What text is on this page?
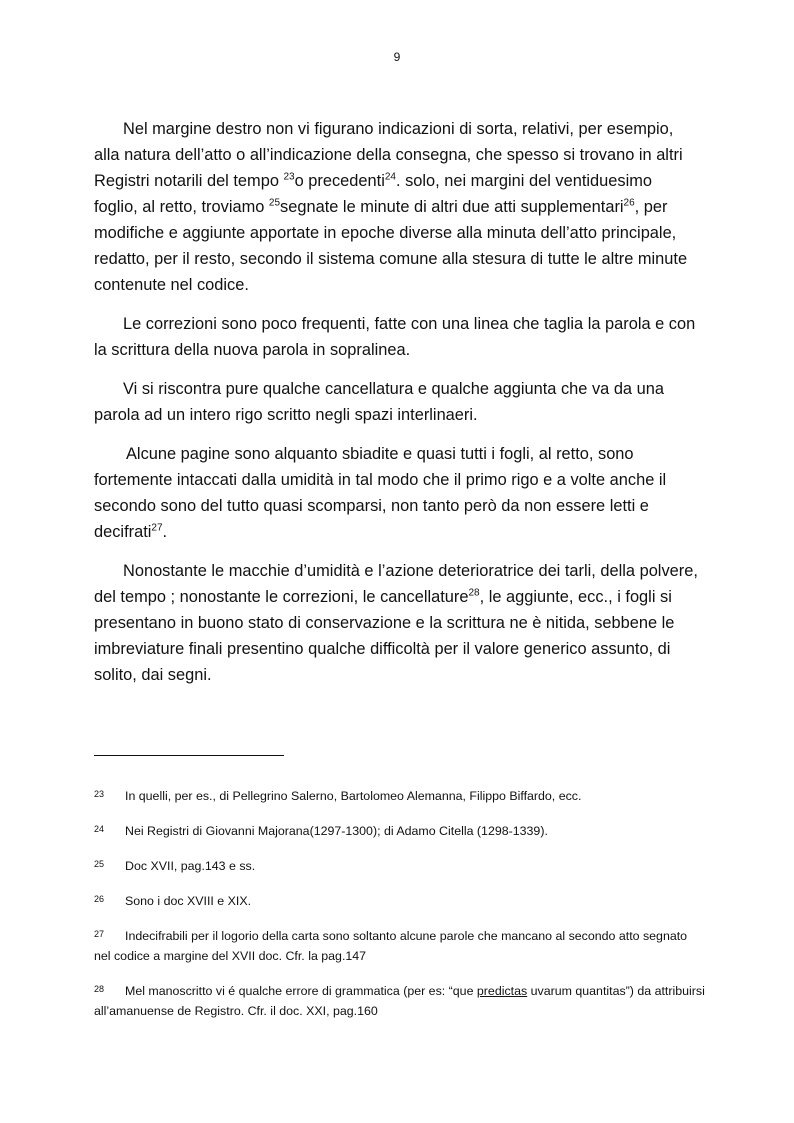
9

Nel margine destro non vi figurano indicazioni di sorta, relativi, per esempio, alla natura dell’atto o all’indicazione della consegna, che spesso si trovano in altri Registri notarili del tempo $^{23}$o precedenti$^{24}$. solo, nei margini del ventiduesimo foglio, al retto, troviamo $^{25}$segnate le minute di altri due atti supplementari$^{26}$, per modifiche e aggiunte apportate in epoche diverse alla minuta dell’atto principale, redatto, per il resto, secondo il sistema comune alla stesura di tutte le altre minute contenute nel codice.

Le correzioni sono poco frequenti, fatte con una linea che taglia la parola e con la scrittura della nuova parola in sopralinea.

Vi si riscontra pure qualche cancellatura e qualche aggiunta che va da una parola ad un intero rigo scritto negli spazi interlinaeri.

Alcune pagine sono alquanto sbiadite e quasi tutti i fogli, al retto, sono fortemente intaccati dalla umidità in tal modo che il primo rigo e a volte anche il secondo sono del tutto quasi scomparsi, non tanto però da non essere letti e decifrati$^{27}$.

Nonostante le macchie d’umidità e l’azione deterioratrice dei tarli, della polvere, del tempo ; nonostante le correzioni, le cancellature$^{28}$, le aggiunte, ecc., i fogli si presentano in buono stato di conservazione e la scrittura ne è nitida, sebbene le imbreviature finali presentino qualche difficoltà per il valore generico assunto, di solito, dai segni.

23 In quelli, per es., di Pellegrino Salerno, Bartolomeo Alemanna, Filippo Biffardo, ecc.
24 Nei Registri di Giovanni Majorana(1297-1300); di Adamo Citella (1298-1339).
25 Doc XVII, pag.143 e ss.
26 Sono i doc XVIII e XIX.
27 Indecifrabili per il logorio della carta sono soltanto alcune parole che mancano al secondo atto segnato nel codice a margine del XVII doc. Cfr. la pag.147
28 Mel manoscritto vi é qualche errore di grammatica (per es: “que predictas uvarum quantitas”) da attribuirsi all’amanuense de Registro. Cfr. il doc. XXI, pag.160
